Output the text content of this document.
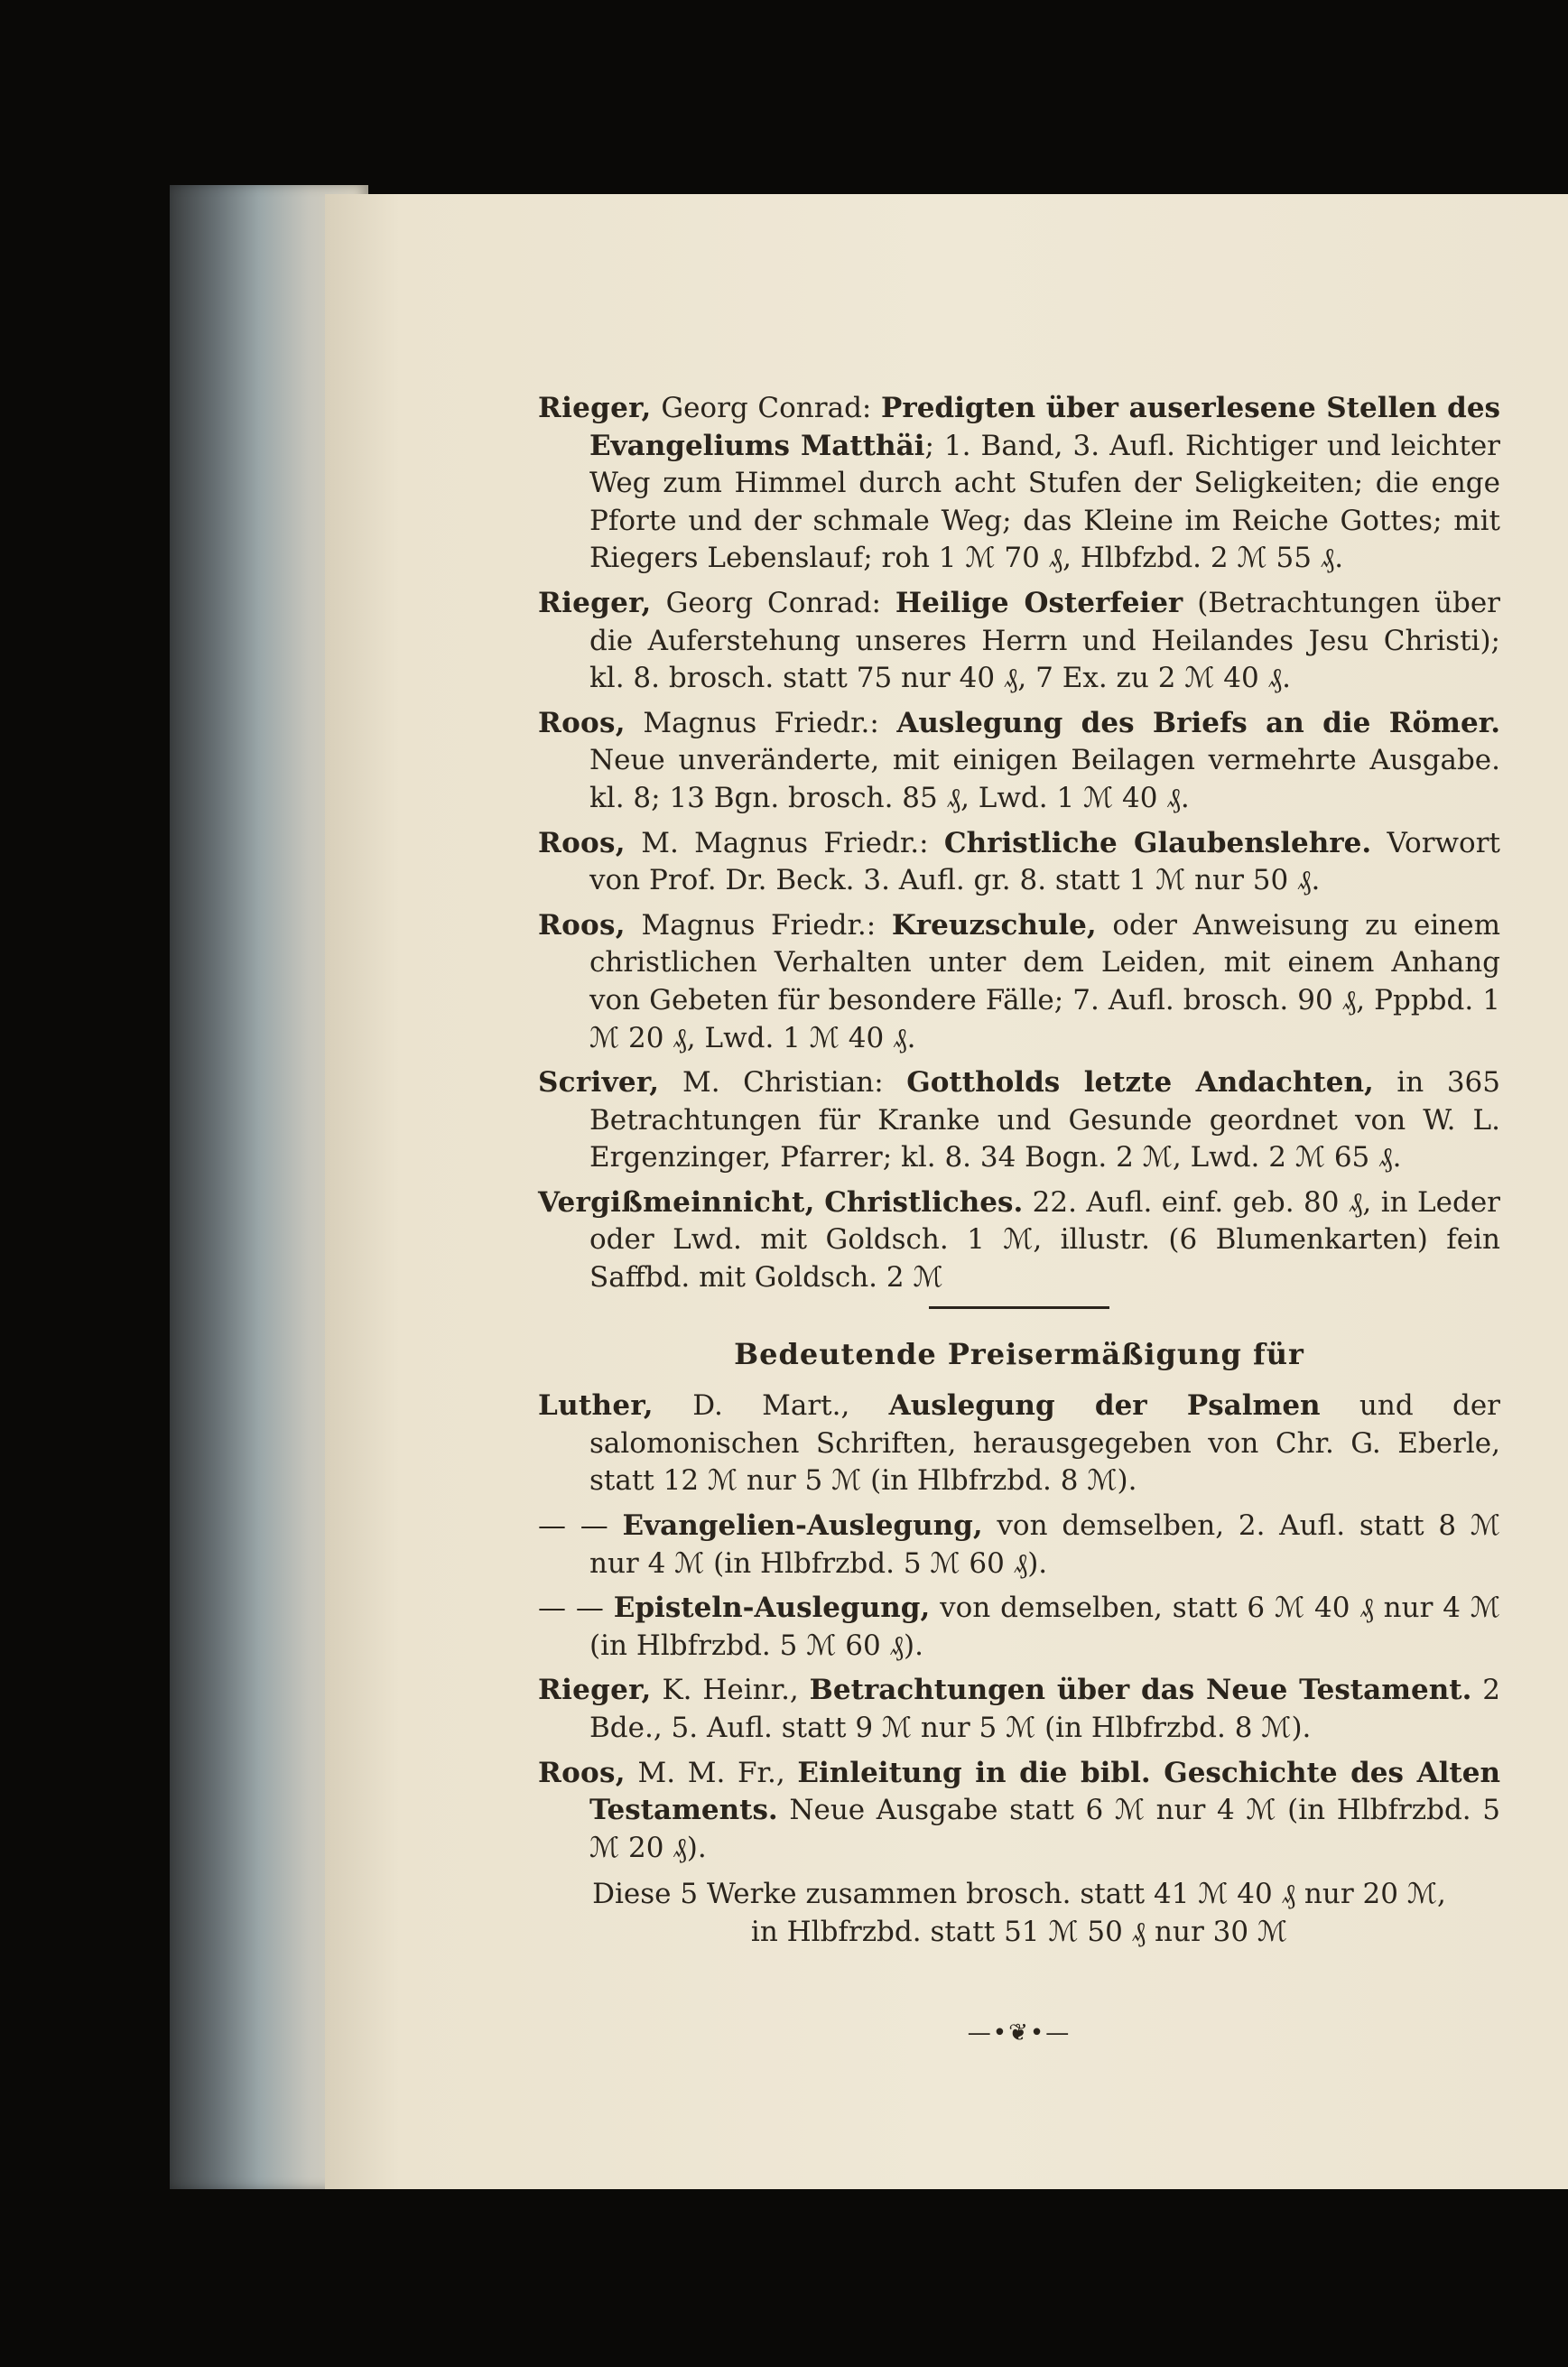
Rieger, Georg Conrad: Predigten über auserlesene Stellen des Evangeliums Matthäi; 1. Band, 3. Aufl. Richtiger und leichter Weg zum Himmel durch acht Stufen der Seligkeiten; die enge Pforte und der schmale Weg; das Kleine im Reiche Gottes; mit Riegers Lebenslauf; roh 1 ℳ 70 ₰, Hlbfzbd. 2 ℳ 55 ₰.
Rieger, Georg Conrad: Heilige Osterfeier (Betrachtungen über die Auferstehung unseres Herrn und Heilandes Jesu Christi); kl. 8. brosch. statt 75 nur 40 ₰, 7 Ex. zu 2 ℳ 40 ₰.
Roos, Magnus Friedr.: Auslegung des Briefs an die Römer. Neue unveränderte, mit einigen Beilagen vermehrte Ausgabe. kl. 8; 13 Bgn. brosch. 85 ₰, Lwd. 1 ℳ 40 ₰.
Roos, M. Magnus Friedr.: Christliche Glaubenslehre. Vorwort von Prof. Dr. Beck. 3. Aufl. gr. 8. statt 1 ℳ nur 50 ₰.
Roos, Magnus Friedr.: Kreuzschule, oder Anweisung zu einem christlichen Verhalten unter dem Leiden, mit einem Anhang von Gebeten für besondere Fälle; 7. Aufl. brosch. 90 ₰, Pppbd. 1 ℳ 20 ₰, Lwd. 1 ℳ 40 ₰.
Scriver, M. Christian: Gottholds letzte Andachten, in 365 Betrachtungen für Kranke und Gesunde geordnet von W. L. Ergenzinger, Pfarrer; kl. 8. 34 Bogn. 2 ℳ, Lwd. 2 ℳ 65 ₰.
Vergißmeinnicht, Christliches. 22. Aufl. einf. geb. 80 ₰, in Leder oder Lwd. mit Goldsch. 1 ℳ, illustr. (6 Blumenkarten) fein Saffbd. mit Goldsch. 2 ℳ
Bedeutende Preisermäßigung für
Luther, D. Mart., Auslegung der Psalmen und der salomonischen Schriften, herausgegeben von Chr. G. Eberle, statt 12 ℳ nur 5 ℳ (in Hlbfrzbd. 8 ℳ).
— — Evangelien-Auslegung, von demselben, 2. Aufl. statt 8 ℳ nur 4 ℳ (in Hlbfrzbd. 5 ℳ 60 ₰).
— — Episteln-Auslegung, von demselben, statt 6 ℳ 40 ₰ nur 4 ℳ (in Hlbfrzbd. 5 ℳ 60 ₰).
Rieger, K. Heinr., Betrachtungen über das Neue Testament. 2 Bde., 5. Aufl. statt 9 ℳ nur 5 ℳ (in Hlbfrzbd. 8 ℳ).
Roos, M. M. Fr., Einleitung in die bibl. Geschichte des Alten Testaments. Neue Ausgabe statt 6 ℳ nur 4 ℳ (in Hlbfrzbd. 5 ℳ 20 ₰).
Diese 5 Werke zusammen brosch. statt 41 ℳ 40 ₰ nur 20 ℳ,
in Hlbfrzbd. statt 51 ℳ 50 ₰ nur 30 ℳ
—•❦•—
